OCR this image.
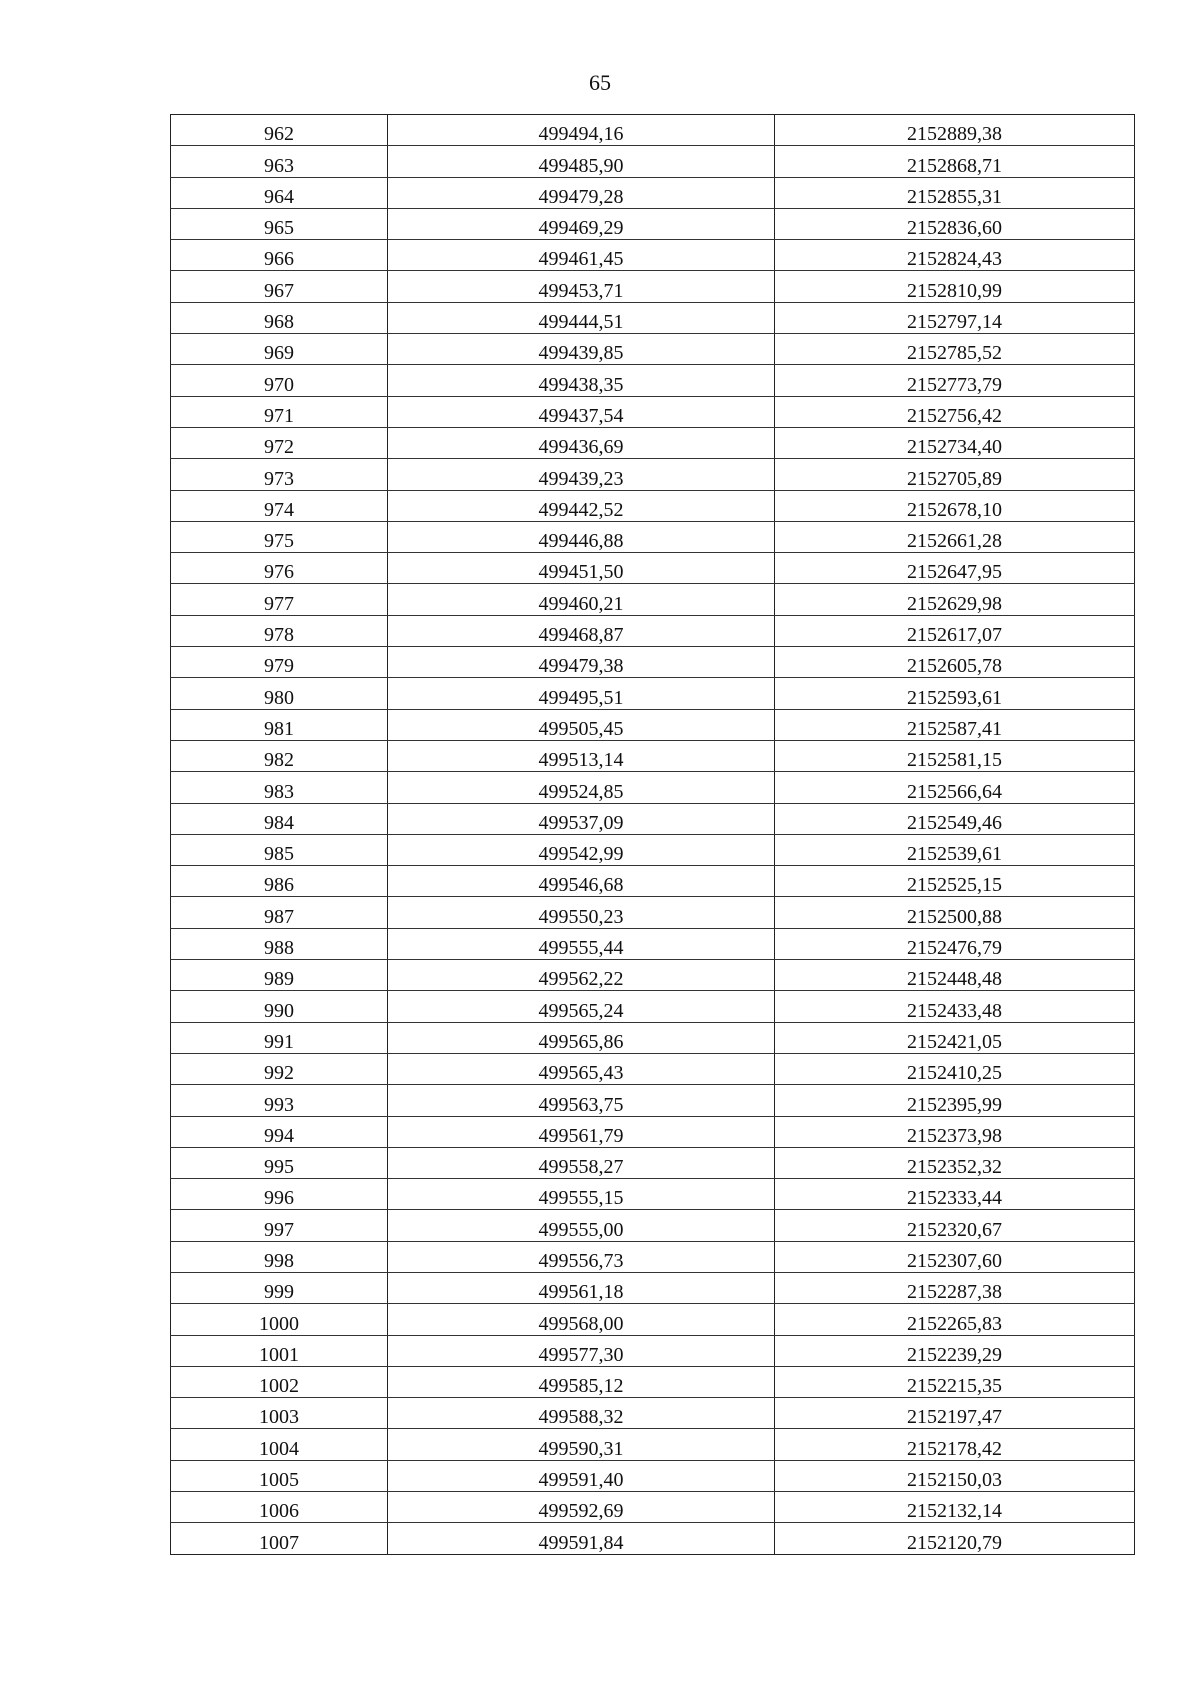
65
962	499494,16	2152889,38
963	499485,90	2152868,71
964	499479,28	2152855,31
965	499469,29	2152836,60
966	499461,45	2152824,43
967	499453,71	2152810,99
968	499444,51	2152797,14
969	499439,85	2152785,52
970	499438,35	2152773,79
971	499437,54	2152756,42
972	499436,69	2152734,40
973	499439,23	2152705,89
974	499442,52	2152678,10
975	499446,88	2152661,28
976	499451,50	2152647,95
977	499460,21	2152629,98
978	499468,87	2152617,07
979	499479,38	2152605,78
980	499495,51	2152593,61
981	499505,45	2152587,41
982	499513,14	2152581,15
983	499524,85	2152566,64
984	499537,09	2152549,46
985	499542,99	2152539,61
986	499546,68	2152525,15
987	499550,23	2152500,88
988	499555,44	2152476,79
989	499562,22	2152448,48
990	499565,24	2152433,48
991	499565,86	2152421,05
992	499565,43	2152410,25
993	499563,75	2152395,99
994	499561,79	2152373,98
995	499558,27	2152352,32
996	499555,15	2152333,44
997	499555,00	2152320,67
998	499556,73	2152307,60
999	499561,18	2152287,38
1000	499568,00	2152265,83
1001	499577,30	2152239,29
1002	499585,12	2152215,35
1003	499588,32	2152197,47
1004	499590,31	2152178,42
1005	499591,40	2152150,03
1006	499592,69	2152132,14
1007	499591,84	2152120,79
